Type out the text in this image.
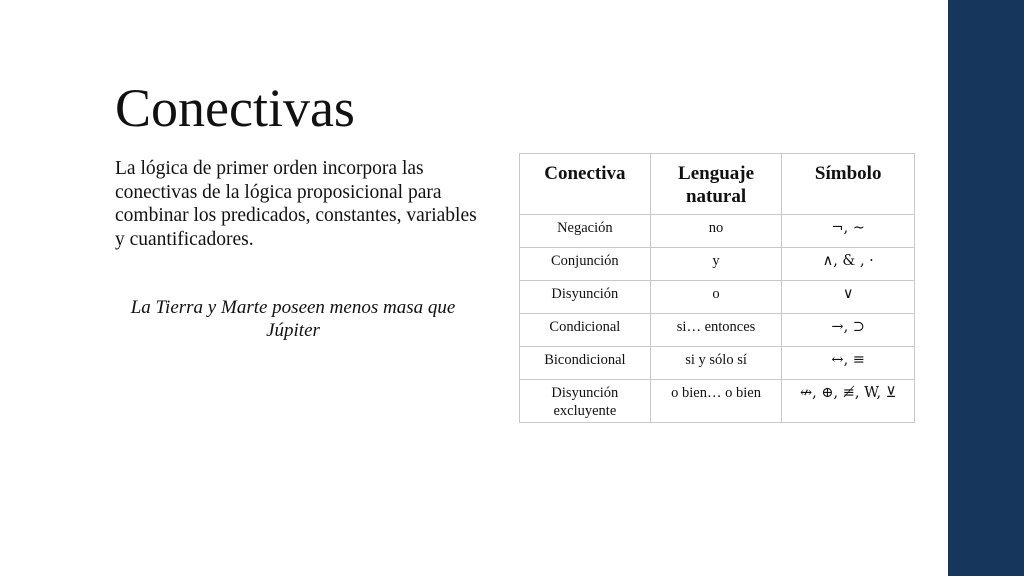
Conectivas

La lógica de primer orden incorpora las conectivas de la lógica proposicional para combinar los predicados, constantes, variables y cuantificadores.

La Tierra y Marte poseen menos masa que Júpiter

Conectiva	Lenguaje natural	Símbolo
Negación	no	¬, ∼
Conjunción	y	∧, & , ·
Disyunción	o	∨
Condicional	si… entonces	→, ⊃
Bicondicional	si y sólo sí	↔, ≡
Disyunción excluyente	o bien… o bien	↮, ⊕, ≢, W, ⊻
